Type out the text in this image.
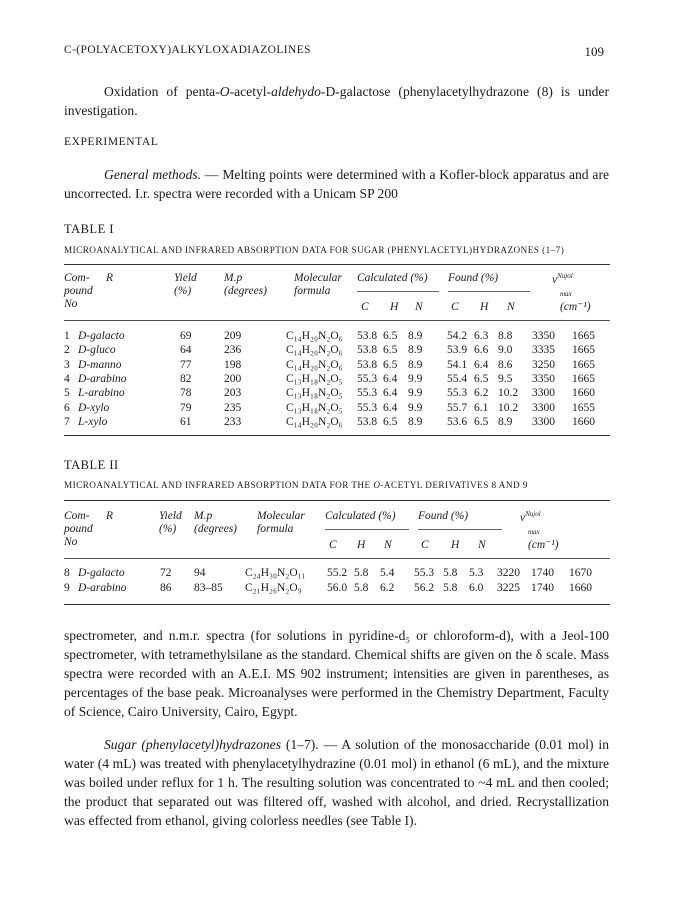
C-(POLYACETOXY)ALKYLOXADIAZOLINES	109
Oxidation of penta-O-acetyl-aldehydo-D-galactose (phenylacetylhydrazone (8) is under investigation.
EXPERIMENTAL
General methods. — Melting points were determined with a Kofler-block apparatus and are uncorrected. I.r. spectra were recorded with a Unicam SP 200
TABLE I
MICROANALYTICAL AND INFRARED ABSORPTION DATA FOR SUGAR (PHENYLACETYL)HYDRAZONES (1–7)
Com-
pound
No
R	Yield
(%)
M.p
(degrees)
Molecular
formula
Calculated (%) Found (%)	$\nu^{Nujol}$
max
C H N C H N	(cm⁻¹)
1 D-galacto	69	209	C₁₄H₂₀N₂O₆ 53.8 6.5 8.9 54.2 6.3 8.8 3350 1665
2 D-gluco	64	236	C₁₄H₂₀N₂O₆ 53.8 6.5 8.9 53.9 6.6 9.0 3335 1665
3 D-manno	77	198	C₁₄H₂₀N₂O₆ 53.8 6.5 8.9 54.1 6.4 8.6 3250 1665
4 D-arabino	82	200	C₁₃H₁₈N₂O₅ 55.3 6.4 9.9 55.4 6.5 9.5 3350 1665
5 L-arabino	78	203	C₁₃H₁₈N₂O₅ 55.3 6.4 9.9 55.3 6.2 10.2 3300 1660
6 D-xylo	79	235	C₁₃H₁₈N₂O₅ 55.3 6.4 9.9 55.7 6.1 10.2 3300 1655
7 L-xylo	61	233	C₁₄H₂₀N₂O₆ 53.8 6.5 8.9 53.6 6.5 8.9 3300 1660
TABLE II
MICROANALYTICAL AND INFRARED ABSORPTION DATA FOR THE O-ACETYL DERIVATIVES 8 AND 9
Com-
pound
No
R	Yield
(%)
M.p
(degrees)
Molecular
formula
Calculated (%) Found (%)	$\nu^{Nujol}$
max
C H N	C H N	(cm⁻¹)
8 D-galacto	72 94	C₂₄H₃₀N₂O₁₁ 55.2 5.8 5.4 55.3 5.8 5.3 3220 1740 1670
9 D-arabino	86 83–85 C₂₁H₂₆N₂O₉ 56.0 5.8 6.2 56.2 5.8 6.0 3225 1740 1660
spectrometer, and n.m.r. spectra (for solutions in pyridine-d₅ or chloroform-d), with a Jeol-100 spectrometer, with tetramethylsilane as the standard. Chemical shifts are given on the δ scale. Mass spectra were recorded with an A.E.I. MS 902 instrument; intensities are given in parentheses, as percentages of the base peak. Microanalyses were performed in the Chemistry Department, Faculty of Science, Cairo University, Cairo, Egypt.
Sugar (phenylacetyl)hydrazones (1–7). — A solution of the monosaccharide (0.01 mol) in water (4 mL) was treated with phenylacetylhydrazine (0.01 mol) in ethanol (6 mL), and the mixture was boiled under reflux for 1 h. The resulting solution was concentrated to ~4 mL and then cooled; the product that separated out was filtered off, washed with alcohol, and dried. Recrystallization was effected from ethanol, giving colorless needles (see Table I).
